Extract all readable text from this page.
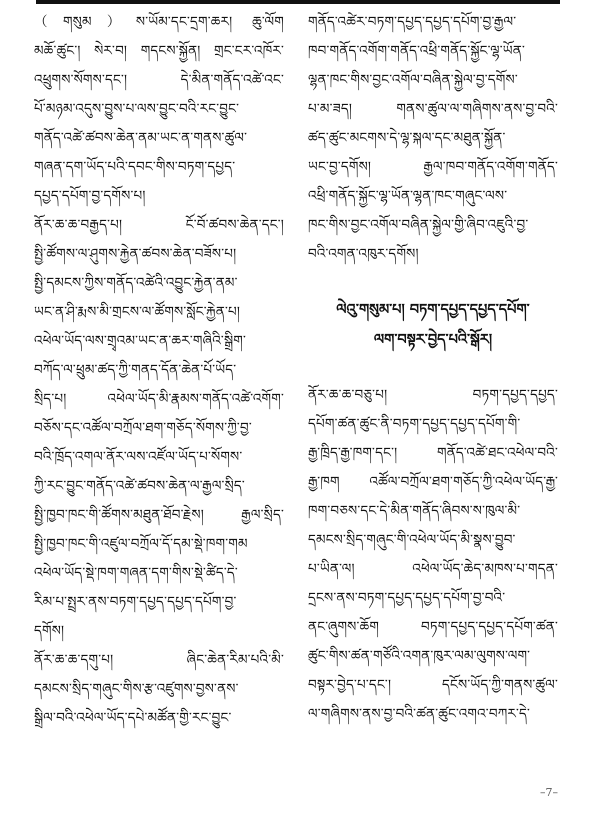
（གསུམ）ས་ཡོམ་དང་དྲག་ཆར། ཆུ་ལོག
མཆོ་ཚུང་། སེར་བ། གདངས་སྐྱོན། གྲང་ངར་འཁོར་
འཕྲུགས་སོགས་དང་། དེ་མིན་གནོད་འཚེ་འང་
པོ་མཉམ་འདུས་བྱུས་པ་ལས་བྱུང་བའི་རང་བྱུང་
གནོད་འཚེ་ཚབས་ཆེན་ནམ་ཡང་ན་གནས་ཚུལ་
གཞན་དག་ཡོད་པའི་དབང་གིས་བཏག་དཔྱད་
དཔྱད་དཔོག་བྱ་དགོས་པ།
ནོར་ཆ་ཆ་བརྒྱད་པ། ངོ་བོ་ཚབས་ཆེན་དང་།
སྤྱི་ཚོགས་ལ་ཤུགས་རྐྱེན་ཚབས་ཆེན་བཟོས་པ།
སྤྱི་དམངས་ཀྱིས་གནོད་འཚེའི་འབྱུང་རྐྱེན་ནམ་
ཡང་ན་ཤི་རྨས་མི་གྲངས་ལ་ཚོགས་སློང་རྐྱེན་པ།
འཕེལ་ཡོད་ལས་གྲྭའམ་ཡང་ན་ཆར་གཞིའི་སྒྲིག་
བཀོད་ལ་ཕྲུམ་ཚད་ཀྱི་གནད་དོན་ཆེན་པོ་ཡོད་
སྲིད་པ། འཕེལ་ཡོད་མི་རྣམས་གནོད་འཚེ་འགོག་
བཅོས་དང་འཚོལ་བཀྲོལ་ཐག་གཅོད་སོགས་ཀྱི་བྱ་
བའི་ཁྲོད་འགལ་ནོར་ལས་འཛོལ་ཡོད་པ་སོགས་
ཀྱི་རང་བྱུང་གནོད་འཚེ་ཚབས་ཆེན་ལ་རྒྱལ་སྲིད་
སྤྱི་ཁྱབ་ཁང་གི་ཚོགས་མཐུན་ཐོབ་རྗེས། རྒྱལ་སྲིད་
སྤྱི་ཁྱབ་ཁང་གི་འཛུལ་བཀྲོལ་དོ་དམ་སྡེ་ཁག་གམ
འཕེལ་ཡོད་སྡེ་ཁག་གཞན་དག་གིས་སྡེ་ཚིད་དེ་
རིམ་པ་སྤྲར་ནས་བཏག་དཔྱད་དཔྱད་དཔོག་བྱ་
དགོས།
ནོར་ཆ་ཆ་དགུ་པ། ཞིང་ཆེན་རིམ་པའི་མི་
དམངས་སྲིད་གཞུང་གིས་རྩ་འཛུགས་བྱས་ནས་
སྒྲིལ་བའི་འཕེལ་ཡོད་དཔེ་མཚོན་གྱི་རང་བྱུང་
གནོད་འཚེར་བཏག་དཔྱད་དཔྱད་དཔོག་བྱ་རྒྱལ་
ཁབ་གནོད་འགོག་གནོད་འཕྲི་གནོད་སྐྱོང་ལྷ་ཡོན་
ལྷན་ཁང་གིས་བྱང་འགོལ་བཞིན་སྐྱེལ་བྱ་དགོས་
པ་མ་ཟད། གནས་ཚུལ་ལ་གཞིགས་ནས་བྱ་བའི་
ཚད་ཚུང་མངགས་དེ་ལྷ་སྐལ་དང་མཐུན་སྐྱོན་
ཡང་བྱ་དགོས། རྒྱལ་ཁབ་གནོད་འགོག་གནོད་
འཕྲི་གནོད་སྐྱོང་ལྷ་ཡོན་ལྷན་ཁང་གཞུང་ལས་
ཁང་གིས་བྱང་འགོལ་བཞིན་སྐྱེལ་གྱི་ཞིབ་འཇུའི་བྱ་
བའི་འགན་འཁུར་དགོས།
ལེའུ་གསུམ་པ། བཏག་དཔྱད་དཔྱད་དཔོག་
ལག་བསྟར་བྱེད་པའི་སྒོར།
ནོར་ཆ་ཆ་བཅུ་པ། བཏག་དཔྱད་དཔྱད་
དཔོག་ཚན་ཚུང་ནི་བཏག་དཔྱད་དཔྱད་དཔོག་གི་
རྒྱ་ཁྲིད་རྒྱ་ཁག་དང་། གནོད་འཚེ་ཐང་འཕེལ་བའི་
རྒྱ་ཁག འཚོལ་བཀྲོལ་ཐག་གཅོད་ཀྱི་འཕེལ་ཡོད་རྒྱ་
ཁག་བཅས་དང་དེ་མིན་གནོད་ཞིབས་ས་ཁུལ་མི་
དམངས་སྲིད་གཞུང་གི་འཕེལ་ཡོད་མི་སྣས་བྱུབ་
པ་ཡིན་ལ། འཕེལ་ཡོད་ཆེད་མཁས་པ་གདན་
དྲངས་ནས་བཏག་དཔྱད་དཔྱད་དཔོག་བྱ་བའི་
ནང་ཞུགས་ཆོག བཏག་དཔྱད་དཔྱད་དཔོག་ཚན་
ཚུང་གིས་ཚན་གཙོའི་འགན་ཁུར་ལམ་ལུགས་ལག་
བསྟར་བྱེད་པ་དང་། དངོས་ཡོད་ཀྱི་གནས་ཚུལ་
ལ་གཞིགས་ནས་བྱ་བའི་ཚན་ཚུང་འགའ་བཀར་དེ་
–7–
